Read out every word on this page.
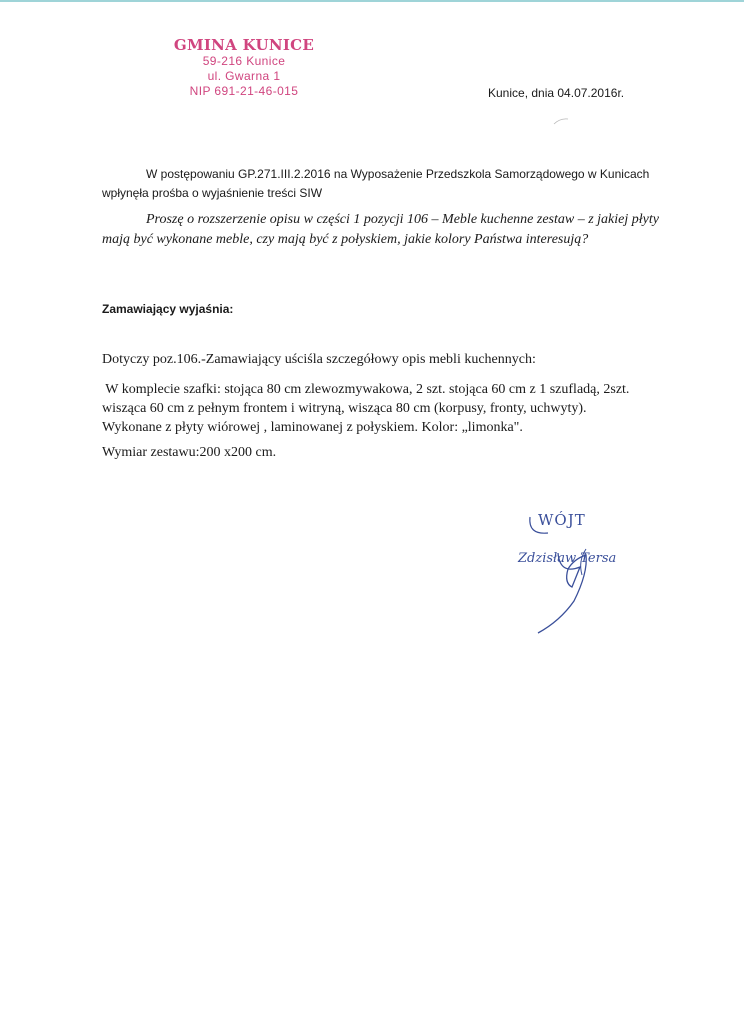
GMINA KUNICE
59-216 Kunice
ul. Gwarna 1
NIP 691-21-46-015	Kunice, dnia 04.07.2016r.

W postępowaniu GP.271.III.2.2016 na Wyposażenie Przedszkola Samorządowego w Kunicach

wpłynęła prośba o wyjaśnienie treści SIW

Proszę o rozszerzenie opisu w części 1 pozycji 106 – Meble kuchenne zestaw – z jakiej płyty mają być wykonane meble, czy mają być z połyskiem, jakie kolory Państwa interesują?

Zamawiający wyjaśnia:

Dotyczy poz.106.-Zamawiający uściśla szczegółowy opis mebli kuchennych:

W komplecie szafki: stojąca 80 cm zlewozmywakowa, 2 szt. stojąca 60 cm z 1 szufladą, 2szt.
wisząca 60 cm z pełnym frontem i witryną, wisząca 80 cm (korpusy, fronty, uchwyty).
Wykonane z płyty wiórowej , laminowanej z połyskiem. Kolor: „limonka".

Wymiar zestawu:200 x200 cm.

WÓJT
Zdzisław Tersa
